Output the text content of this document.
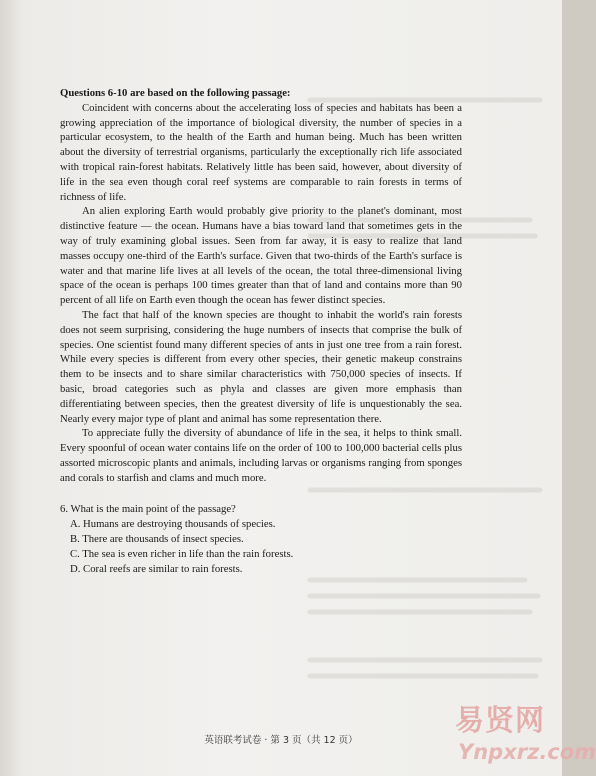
Questions 6-10 are based on the following passage:

Coincident with concerns about the accelerating loss of species and habitats has been a growing appreciation of the importance of biological diversity, the number of species in a particular ecosystem, to the health of the Earth and human being. Much has been written about the diversity of terrestrial organisms, particularly the exceptionally rich life associated with tropical rain-forest habitats. Relatively little has been said, however, about diversity of life in the sea even though coral reef systems are comparable to rain forests in terms of richness of life.

An alien exploring Earth would probably give priority to the planet's dominant, most distinctive feature — the ocean. Humans have a bias toward land that sometimes gets in the way of truly examining global issues. Seen from far away, it is easy to realize that land masses occupy one-third of the Earth's surface. Given that two-thirds of the Earth's surface is water and that marine life lives at all levels of the ocean, the total three-dimensional living space of the ocean is perhaps 100 times greater than that of land and contains more than 90 percent of all life on Earth even though the ocean has fewer distinct species.

The fact that half of the known species are thought to inhabit the world's rain forests does not seem surprising, considering the huge numbers of insects that comprise the bulk of species. One scientist found many different species of ants in just one tree from a rain forest. While every species is different from every other species, their genetic makeup constrains them to be insects and to share similar characteristics with 750,000 species of insects. If basic, broad categories such as phyla and classes are given more emphasis than differentiating between species, then the greatest diversity of life is unquestionably the sea. Nearly every major type of plant and animal has some representation there.

To appreciate fully the diversity of abundance of life in the sea, it helps to think small. Every spoonful of ocean water contains life on the order of 100 to 100,000 bacterial cells plus assorted microscopic plants and animals, including larvas or organisms ranging from sponges and corals to starfish and clams and much more.

6. What is the main point of the passage?

A. Humans are destroying thousands of species.
B. There are thousands of insect species.
C. The sea is even richer in life than the rain forests.
D. Coral reefs are similar to rain forests.
英语联考试卷 · 第 3 页（共 12 页）
易贤网
Ynpxrz.com
